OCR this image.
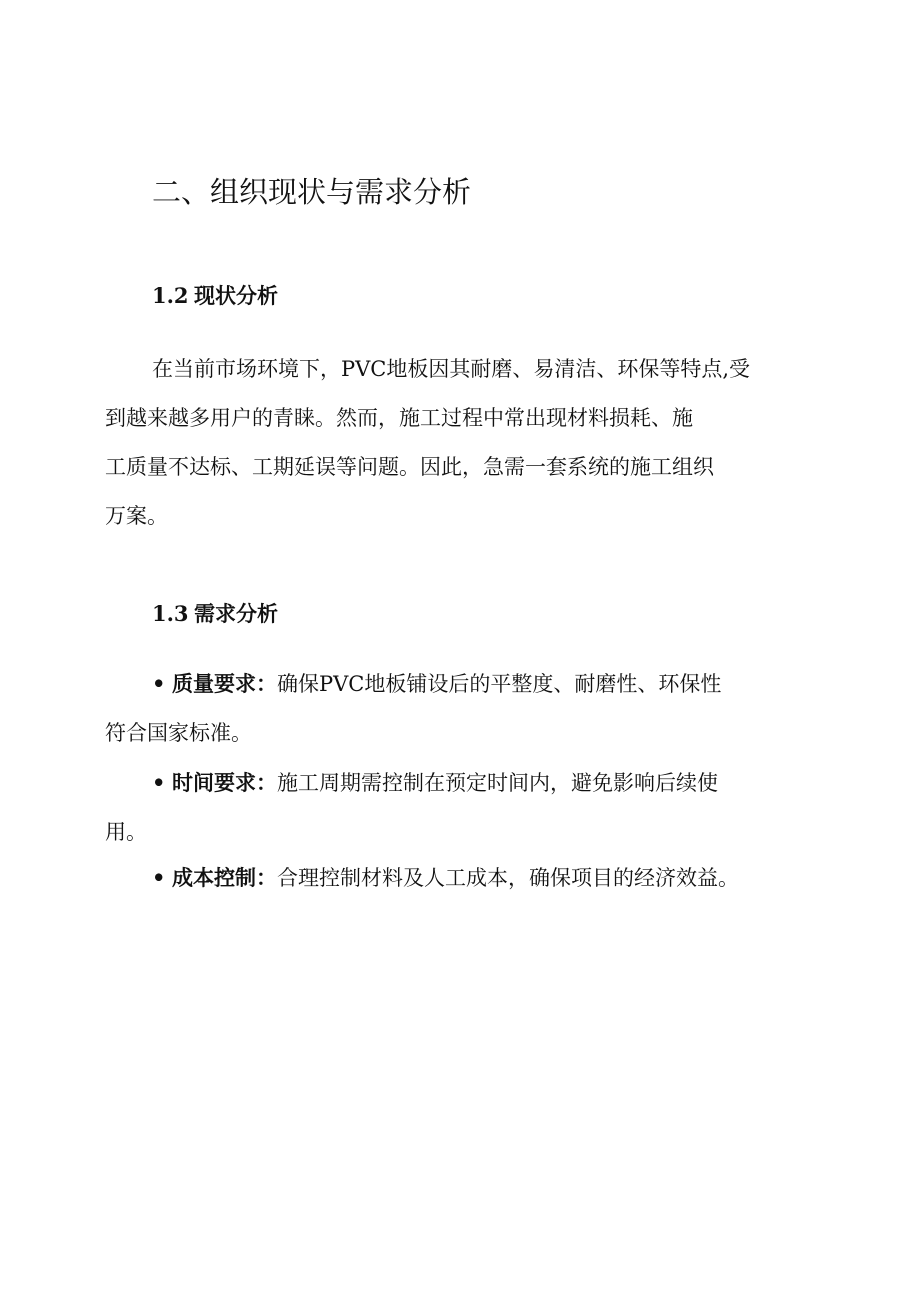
二、组织现状与需求分析
1.2 现状分析

在当前市场环境下，PVC地板因其耐磨、易清洁、环保等特点,受
到越来越多用户的青睐。然而，施工过程中常出现材料损耗、施
工质量不达标、工期延误等问题。因此，急需一套系统的施工组织
万案。

1.3 需求分析
• 质量要求：确保PVC地板铺设后的平整度、耐磨性、环保性
符合国家标准。
• 时间要求：施工周期需控制在预定时间内，避免影响后续使
用。
• 成本控制：合理控制材料及人工成本，确保项目的经济效益。
